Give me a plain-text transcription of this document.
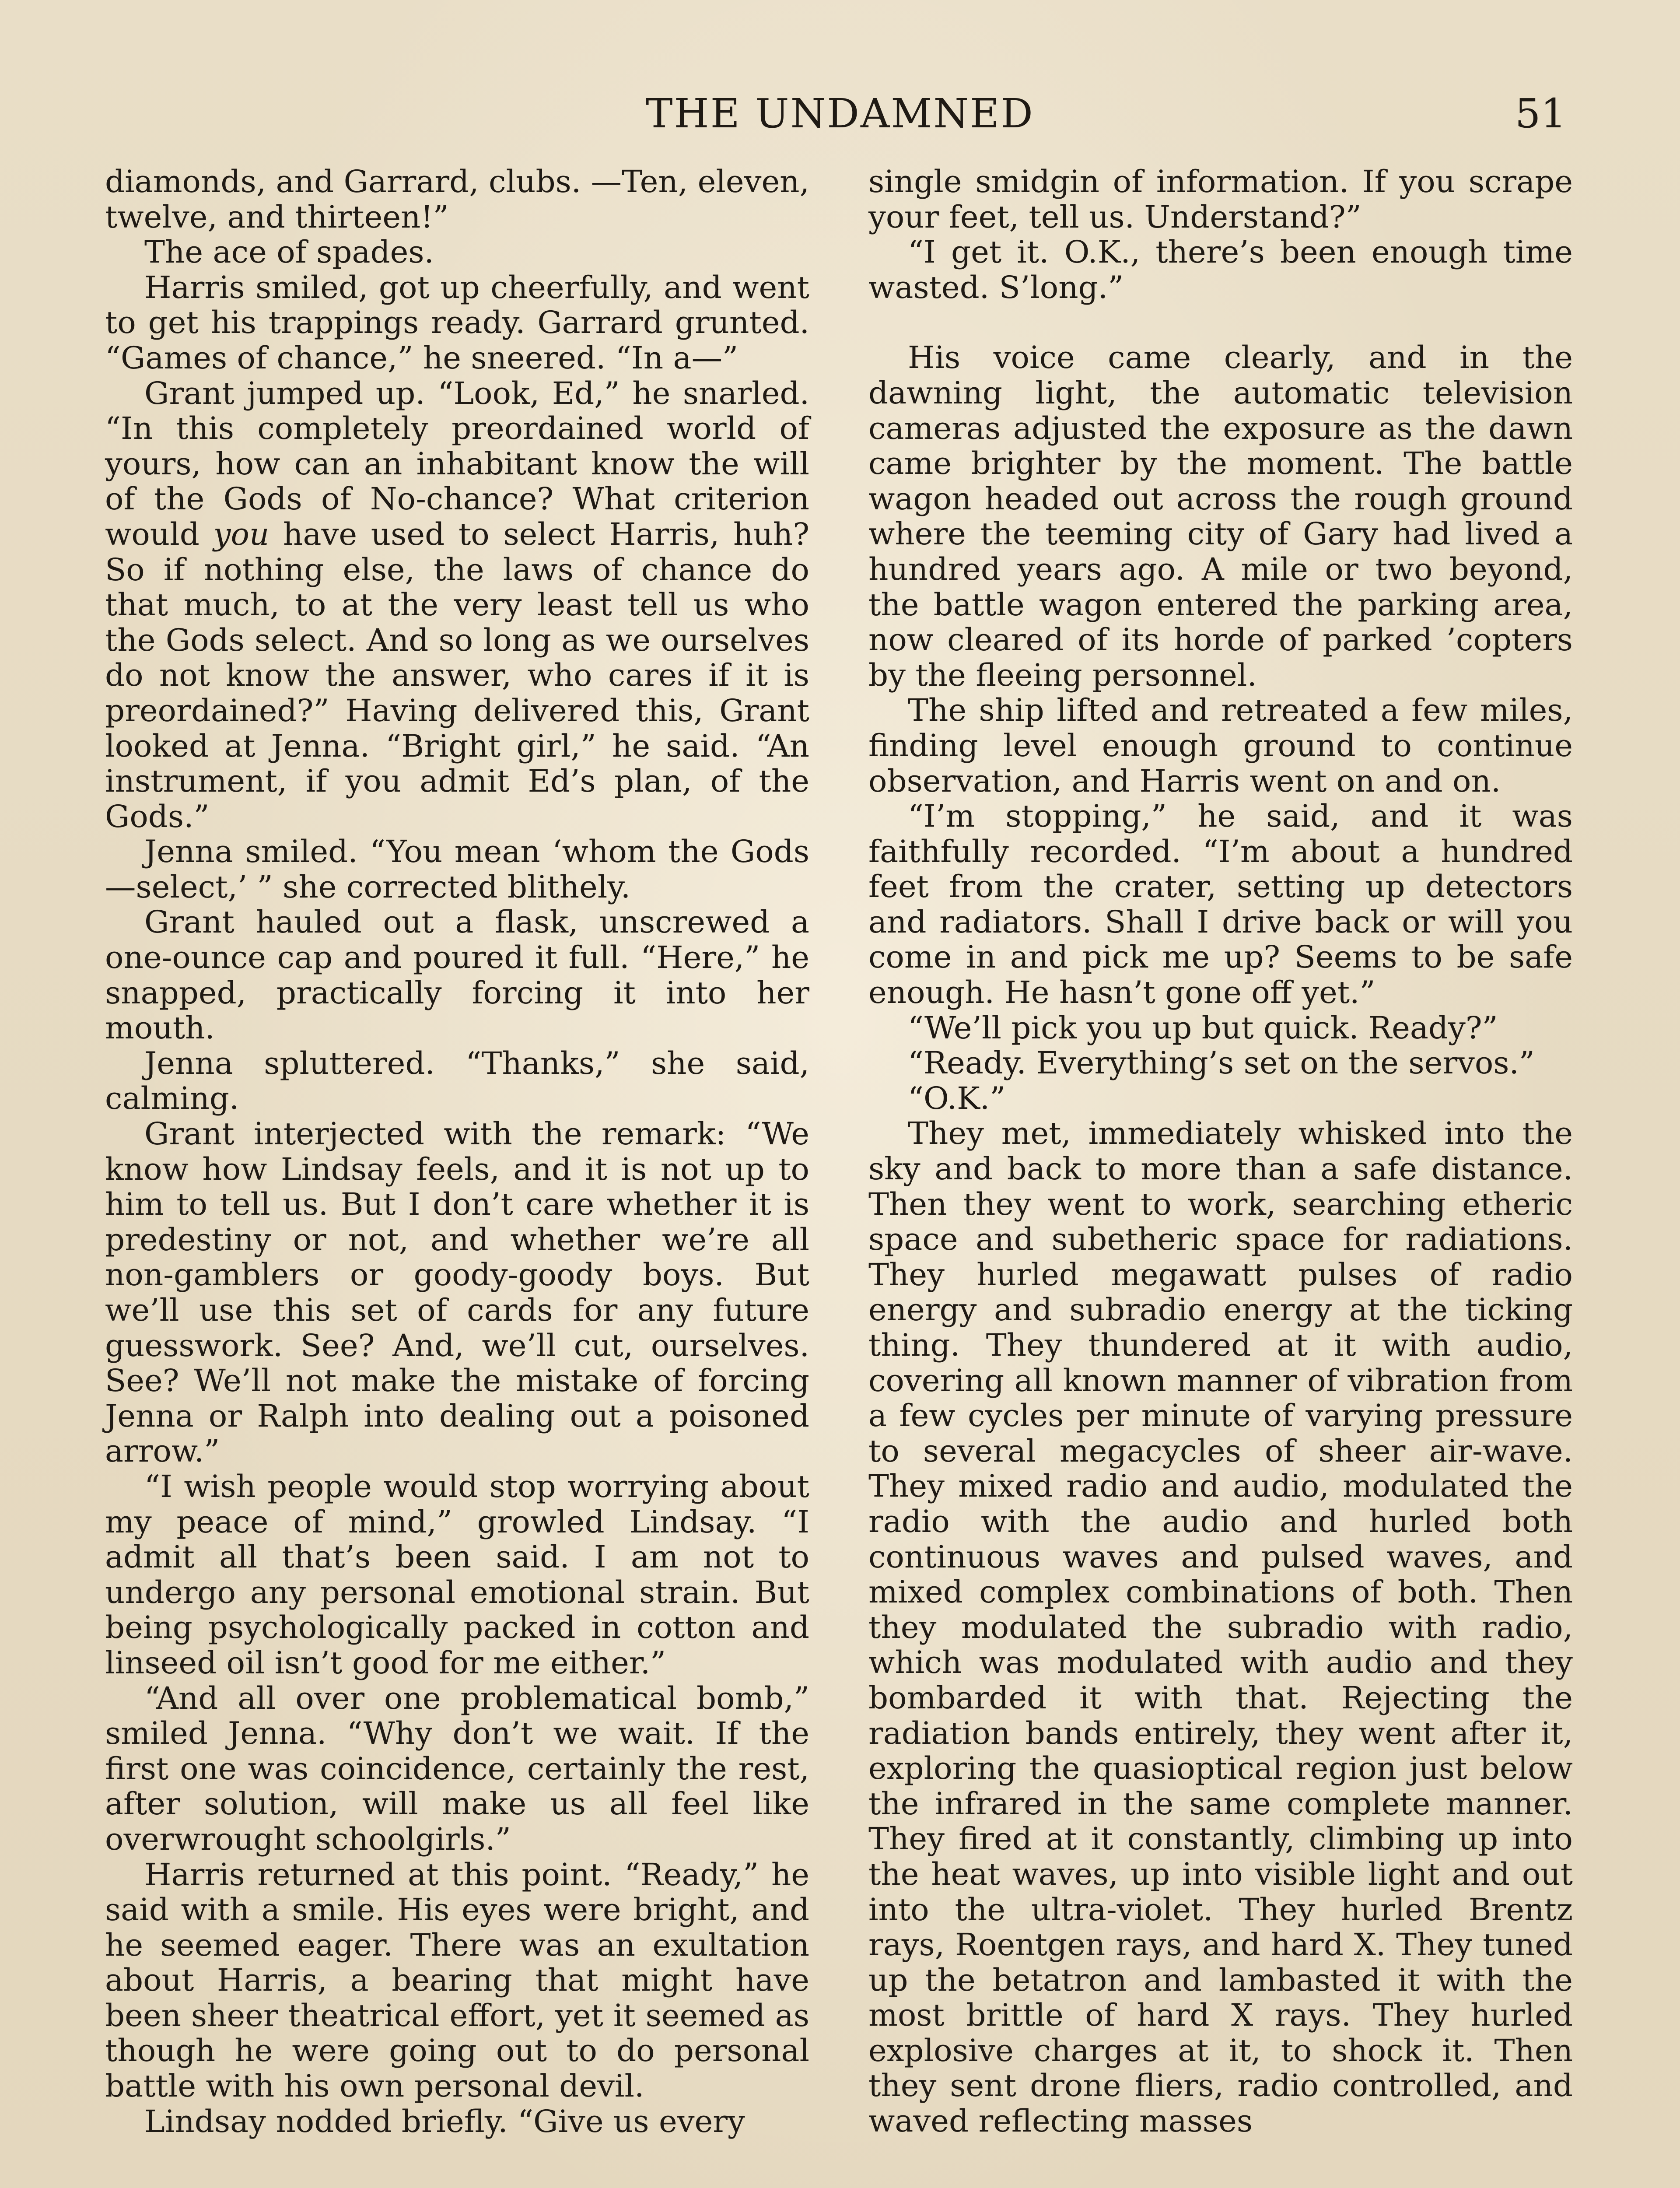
THE UNDAMNED	51

diamonds, and Garrard, clubs. —Ten, eleven, twelve, and thirteen!”

The ace of spades.

Harris smiled, got up cheerfully, and went to get his trappings ready. Garrard grunted. “Games of chance,” he sneered. “In a—”

Grant jumped up. “Look, Ed,” he snarled. “In this completely preordained world of yours, how can an inhabitant know the will of the Gods of No-chance? What criterion would you have used to select Harris, huh? So if nothing else, the laws of chance do that much, to at the very least tell us who the Gods select. And so long as we ourselves do not know the answer, who cares if it is preordained?” Having delivered this, Grant looked at Jenna. “Bright girl,” he said. “An instrument, if you admit Ed’s plan, of the Gods.”

Jenna smiled. “You mean ‘whom the Gods—select,’ ” she corrected blithely.

Grant hauled out a flask, unscrewed a one-ounce cap and poured it full. “Here,” he snapped, practically forcing it into her mouth.

Jenna spluttered. “Thanks,” she said, calming.

Grant interjected with the remark: “We know how Lindsay feels, and it is not up to him to tell us. But I don’t care whether it is predestiny or not, and whether we’re all non-gamblers or goody-goody boys. But we’ll use this set of cards for any future guesswork. See? And, we’ll cut, ourselves. See? We’ll not make the mistake of forcing Jenna or Ralph into dealing out a poisoned arrow.”

“I wish people would stop worrying about my peace of mind,” growled Lindsay. “I admit all that’s been said. I am not to undergo any personal emotional strain. But being psychologically packed in cotton and linseed oil isn’t good for me either.”

“And all over one problematical bomb,” smiled Jenna. “Why don’t we wait. If the first one was coincidence, certainly the rest, after solution, will make us all feel like overwrought schoolgirls.”

Harris returned at this point. “Ready,” he said with a smile. His eyes were bright, and he seemed eager. There was an exultation about Harris, a bearing that might have been sheer theatrical effort, yet it seemed as though he were going out to do personal battle with his own personal devil.

Lindsay nodded briefly. “Give us every

single smidgin of information. If you scrape your feet, tell us. Understand?”

“I get it. O.K., there’s been enough time wasted. S’long.”

His voice came clearly, and in the dawning light, the automatic television cameras adjusted the exposure as the dawn came brighter by the moment. The battle wagon headed out across the rough ground where the teeming city of Gary had lived a hundred years ago. A mile or two beyond, the battle wagon entered the parking area, now cleared of its horde of parked ’copters by the fleeing personnel.

The ship lifted and retreated a few miles, finding level enough ground to continue observation, and Harris went on and on.

“I’m stopping,” he said, and it was faithfully recorded. “I’m about a hundred feet from the crater, setting up detectors and radiators. Shall I drive back or will you come in and pick me up? Seems to be safe enough. He hasn’t gone off yet.”

“We’ll pick you up but quick. Ready?”

“Ready. Everything’s set on the servos.”

“O.K.”

They met, immediately whisked into the sky and back to more than a safe distance. Then they went to work, searching etheric space and subetheric space for radiations. They hurled megawatt pulses of radio energy and subradio energy at the ticking thing. They thundered at it with audio, covering all known manner of vibration from a few cycles per minute of varying pressure to several megacycles of sheer air-wave. They mixed radio and audio, modulated the radio with the audio and hurled both continuous waves and pulsed waves, and mixed complex combinations of both. Then they modulated the subradio with radio, which was modulated with audio and they bombarded it with that. Rejecting the radiation bands entirely, they went after it, exploring the quasioptical region just below the infrared in the same complete manner. They fired at it constantly, climbing up into the heat waves, up into visible light and out into the ultra-violet. They hurled Brentz rays, Roentgen rays, and hard X. They tuned up the betatron and lambasted it with the most brittle of hard X rays. They hurled explosive charges at it, to shock it. Then they sent drone fliers, radio controlled, and waved reflecting masses
